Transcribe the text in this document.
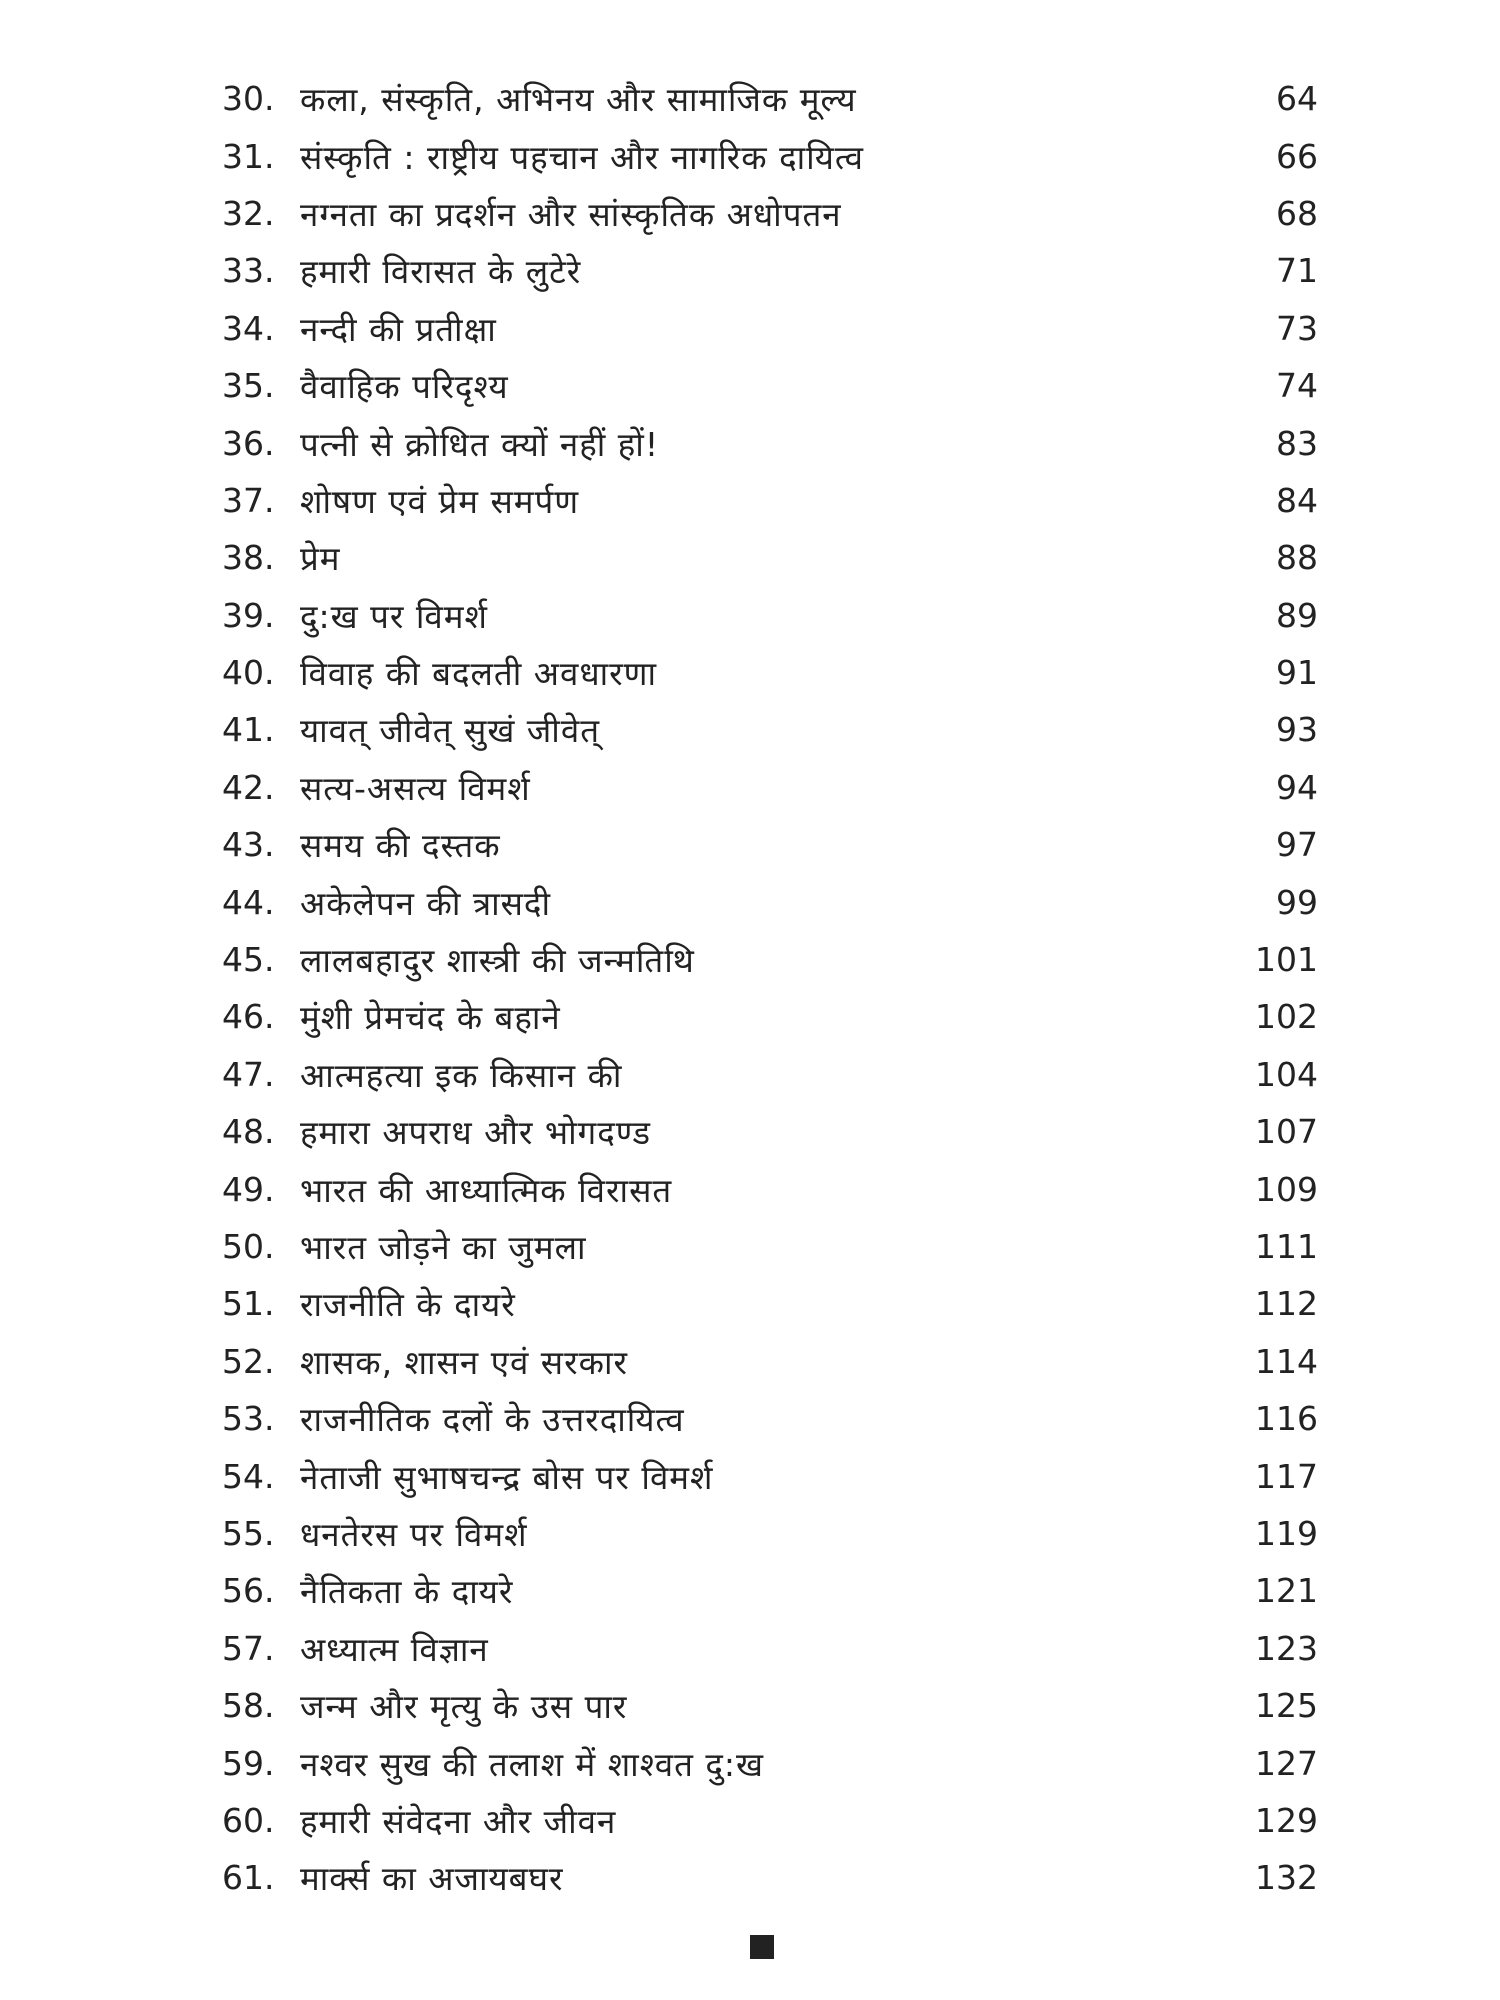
30. कला, संस्कृति, अभिनय और सामाजिक मूल्य	64
31. संस्कृति : राष्ट्रीय पहचान और नागरिक दायित्व	66
32. नग्नता का प्रदर्शन और सांस्कृतिक अधोपतन	68
33. हमारी विरासत के लुटेरे	71
34. नन्दी की प्रतीक्षा	73
35. वैवाहिक परिदृश्य	74
36. पत्नी से क्रोधित क्यों नहीं हों!	83
37. शोषण एवं प्रेम समर्पण	84
38. प्रेम	88
39. दु:ख पर विमर्श	89
40. विवाह की बदलती अवधारणा	91
41. यावत् जीवेत् सुखं जीवेत्	93
42. सत्य-असत्य विमर्श	94
43. समय की दस्तक	97
44. अकेलेपन की त्रासदी	99
45. लालबहादुर शास्त्री की जन्मतिथि	101
46. मुंशी प्रेमचंद के बहाने	102
47. आत्महत्या इक किसान की	104
48. हमारा अपराध और भोगदण्ड	107
49. भारत की आध्यात्मिक विरासत	109
50. भारत जोड़ने का जुमला	111
51. राजनीति के दायरे	112
52. शासक, शासन एवं सरकार	114
53. राजनीतिक दलों के उत्तरदायित्व	116
54. नेताजी सुभाषचन्द्र बोस पर विमर्श	117
55. धनतेरस पर विमर्श	119
56. नैतिकता के दायरे	121
57. अध्यात्म विज्ञान	123
58. जन्म और मृत्यु के उस पार	125
59. नश्वर सुख की तलाश में शाश्वत दु:ख	127
60. हमारी संवेदना और जीवन	129
61. मार्क्स का अजायबघर	132
